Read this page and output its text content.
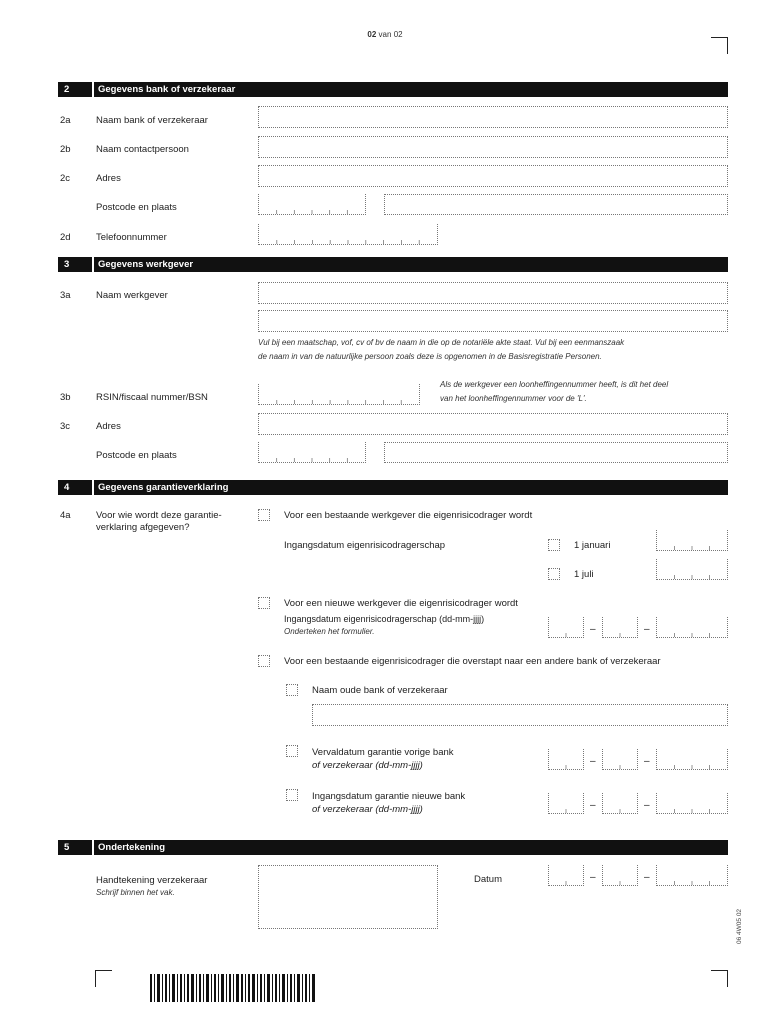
02 van 02
2	Gegevens bank of verzekeraar
2a	Naam bank of verzekeraar
2b	Naam contactpersoon
2c	Adres
Postcode en plaats
2d	Telefoonnummer
3	Gegevens werkgever
3a	Naam werkgever
Vul bij een maatschap, vof, cv of bv de naam in die op de notariële akte staat. Vul bij een eenmanszaak
de naam in van de natuurlijke persoon zoals deze is opgenomen in de Basisregistratie Personen.
3b	RSIN/fiscaal nummer/BSN
Als de werkgever een loonheffingennummer heeft, is dit het deel
van het loonheffingennummer voor de 'L'.
3c	Adres
Postcode en plaats
4	Gegevens garantieverklaring
4a	Voor wie wordt deze garantie-
verklaring afgegeven?
Voor een bestaande werkgever die eigenrisicodrager wordt
Ingangsdatum eigenrisicodragerschap	1 januari
1 juli
Voor een nieuwe werkgever die eigenrisicodrager wordt
Ingangsdatum eigenrisicodragerschap (dd-mm-jjjj)
Onderteken het formulier.	–	–
Voor een bestaande eigenrisicodrager die overstapt naar een andere bank of verzekeraar
Naam oude bank of verzekeraar
Vervaldatum garantie vorige bank
of verzekeraar (dd-mm-jjjj)	–	–
Ingangsdatum garantie nieuwe bank
of verzekeraar (dd-mm-jjjj)	–	–
5	Ondertekening
Handtekening verzekeraar
Schrijf binnen het vak.
Datum	–	–
06 4W05 02
